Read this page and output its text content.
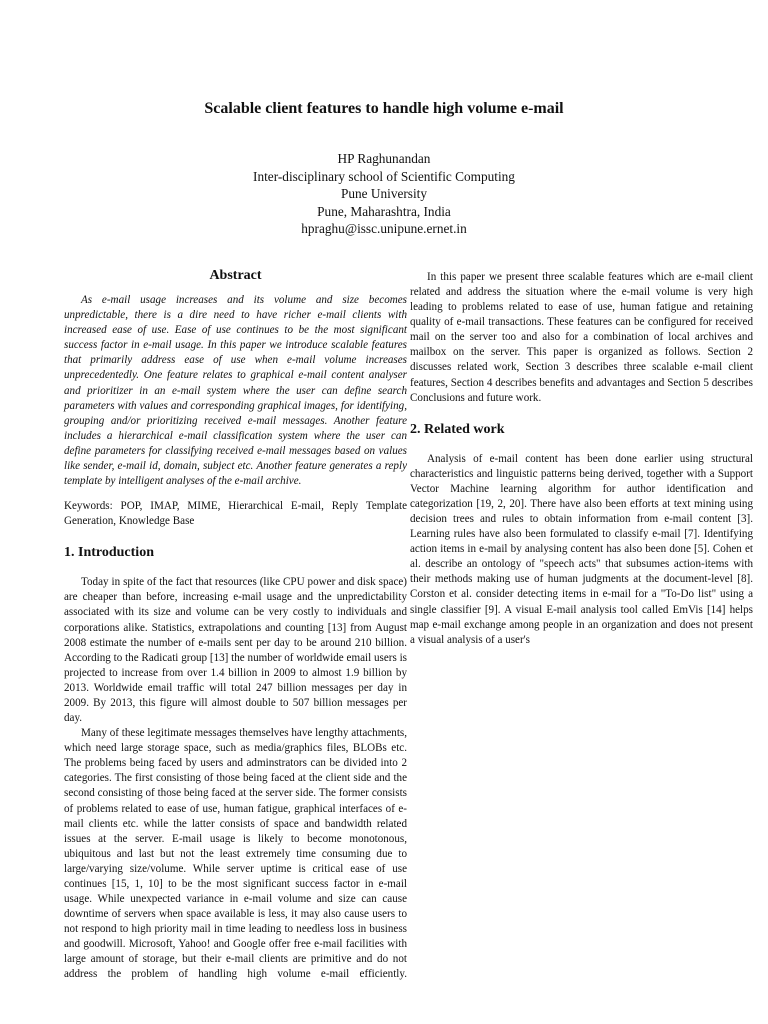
Scalable client features to handle high volume e-mail
HP Raghunandan
Inter-disciplinary school of Scientific Computing
Pune University
Pune, Maharashtra, India
hpraghu@issc.unipune.ernet.in
Abstract

As e-mail usage increases and its volume and size becomes unpredictable, there is a dire need to have richer e-mail clients with increased ease of use. Ease of use continues to be the most significant success factor in e-mail usage. In this paper we introduce scalable features that primarily address ease of use when e-mail volume increases unprecedentedly. One feature relates to graphical e-mail content analyser and prioritizer in an e-mail system where the user can define search parameters with values and corresponding graphical images, for identifying, grouping and/or prioritizing received e-mail messages. Another feature includes a hierarchical e-mail classification system where the user can define parameters for classifying received e-mail messages based on values like sender, e-mail id, domain, subject etc. Another feature generates a reply template by intelligent analyses of the e-mail archive.

Keywords: POP, IMAP, MIME, Hierarchical E-mail, Reply Template Generation, Knowledge Base

1. Introduction

Today in spite of the fact that resources (like CPU power and disk space) are cheaper than before, increasing e-mail usage and the unpredictability associated with its size and volume can be very costly to individuals and corporations alike. Statistics, extrapolations and counting [13] from August 2008 estimate the number of e-mails sent per day to be around 210 billion. According to the Radicati group [13] the number of worldwide email users is projected to increase from over 1.4 billion in 2009 to almost 1.9 billion by 2013. Worldwide email traffic will total 247 billion messages per day in 2009. By 2013, this figure will almost double to 507 billion messages per day.

Many of these legitimate messages themselves have lengthy attachments, which need large storage space, such as media/graphics files, BLOBs etc. The problems being faced by users and adminstrators can be divided into 2 categories. The first consisting of those being faced at the client side and the second consisting of those being faced at the server side. The former consists of problems related to ease of use, human fatigue, graphical interfaces of e-mail clients etc. while the latter consists of space and bandwidth related issues at the server. E-mail usage is likely to become monotonous, ubiquitous and last but not the least extremely time consuming due to large/varying size/volume. While server uptime is critical ease of use continues [15, 1, 10] to be the most significant success factor in e-mail usage. While unexpected variance in e-mail volume and size can cause downtime of servers when space available is less, it may also cause users to not respond to high priority mail in time leading to needless loss in business and goodwill. Microsoft, Yahoo! and Google offer free e-mail facilities with large amount of storage, but their e-mail clients are primitive and do not address the problem of handling high volume e-mail efficiently.

In this paper we present three scalable features which are e-mail client related and address the situation where the e-mail volume is very high leading to problems related to ease of use, human fatigue and retaining quality of e-mail transactions. These features can be configured for received mail on the server too and also for a combination of local archives and mailbox on the server. This paper is organized as follows. Section 2 discusses related work, Section 3 describes three scalable e-mail client features, Section 4 describes benefits and advantages and Section 5 describes Conclusions and future work.

2. Related work

Analysis of e-mail content has been done earlier using structural characteristics and linguistic patterns being derived, together with a Support Vector Machine learning algorithm for author identification and categorization [19, 2, 20]. There have also been efforts at text mining using decision trees and rules to obtain information from e-mail content [3]. Learning rules have also been formulated to classify e-mail [7]. Identifying action items in e-mail by analysing content has also been done [5]. Cohen et al. describe an ontology of "speech acts" that subsumes action-items with their methods making use of human judgments at the document-level [8]. Corston et al. consider detecting items in e-mail for a "To-Do list" using a single classifier [9]. A visual E-mail analysis tool called EmVis [14] helps map e-mail exchange among people in an organization and does not present a visual analysis of a user's
